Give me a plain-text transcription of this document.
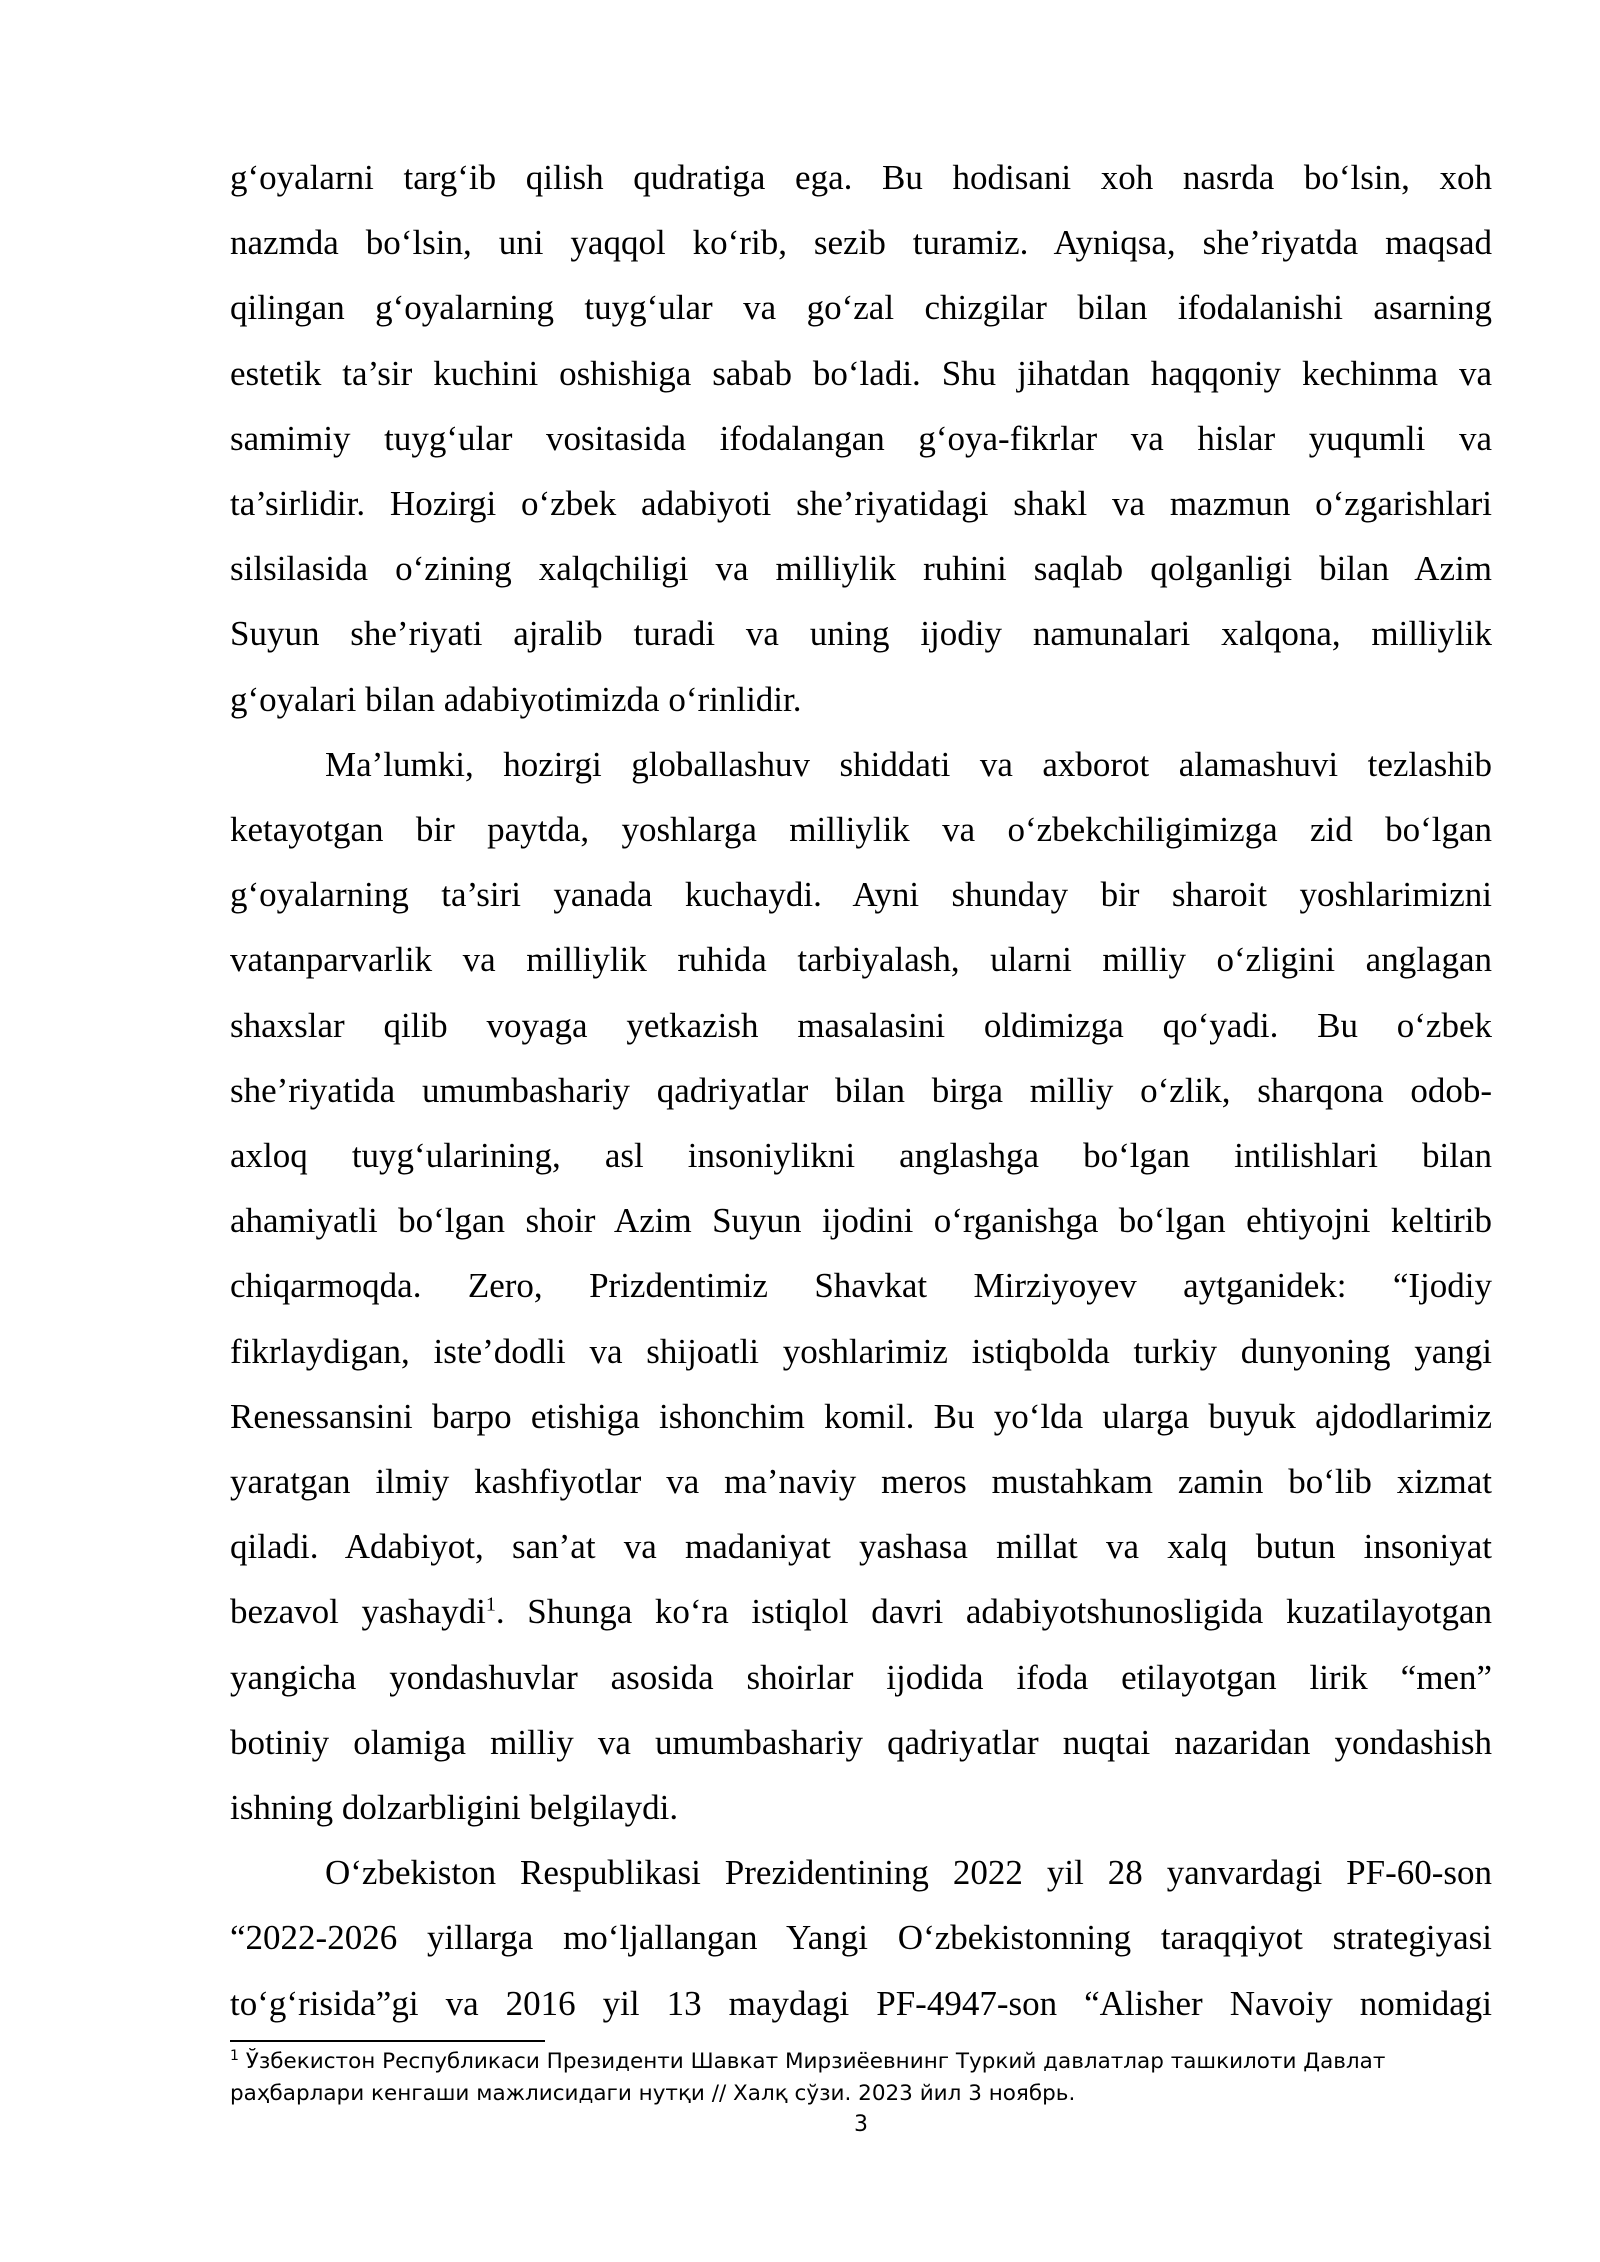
g‘oyalarni targ‘ib qilish qudratiga ega. Bu hodisani xoh nasrda bo‘lsin, xoh
nazmda bo‘lsin, uni yaqqol ko‘rib, sezib turamiz. Ayniqsa, she’riyatda maqsad
qilingan g‘oyalarning tuyg‘ular va go‘zal chizgilar bilan ifodalanishi asarning
estetik ta’sir kuchini oshishiga sabab bo‘ladi. Shu jihatdan haqqoniy kechinma va
samimiy tuyg‘ular vositasida ifodalangan g‘oya-fikrlar va hislar yuqumli va
ta’sirlidir. Hozirgi o‘zbek adabiyoti she’riyatidagi shakl va mazmun o‘zgarishlari
silsilasida o‘zining xalqchiligi va milliylik ruhini saqlab qolganligi bilan Azim
Suyun she’riyati ajralib turadi va uning ijodiy namunalari xalqona, milliylik
g‘oyalari bilan adabiyotimizda o‘rinlidir.

Ma’lumki, hozirgi globallashuv shiddati va axborot alamashuvi tezlashib
ketayotgan bir paytda, yoshlarga milliylik va o‘zbekchiligimizga zid bo‘lgan
g‘oyalarning ta’siri yanada kuchaydi. Ayni shunday bir sharoit yoshlarimizni
vatanparvarlik va milliylik ruhida tarbiyalash, ularni milliy o‘zligini anglagan
shaxslar qilib voyaga yetkazish masalasini oldimizga qo‘yadi. Bu o‘zbek
she’riyatida umumbashariy qadriyatlar bilan birga milliy o‘zlik, sharqona odob-
axloq tuyg‘ularining, asl insoniylikni anglashga bo‘lgan intilishlari bilan
ahamiyatli bo‘lgan shoir Azim Suyun ijodini o‘rganishga bo‘lgan ehtiyojni keltirib
chiqarmoqda. Zero, Prizdentimiz Shavkat Mirziyoyev aytganidek: “Ijodiy
fikrlaydigan, iste’dodli va shijoatli yoshlarimiz istiqbolda turkiy dunyoning yangi
Renessansini barpo etishiga ishonchim komil. Bu yo‘lda ularga buyuk ajdodlarimiz
yaratgan ilmiy kashfiyotlar va ma’naviy meros mustahkam zamin bo‘lib xizmat
qiladi. Adabiyot, san’at va madaniyat yashasa millat va xalq butun insoniyat
bezavol yashaydi$^1$. Shunga ko‘ra istiqlol davri adabiyotshunosligida kuzatilayotgan
yangicha yondashuvlar asosida shoirlar ijodida ifoda etilayotgan lirik “men”
botiniy olamiga milliy va umumbashariy qadriyatlar nuqtai nazaridan yondashish
ishning dolzarbligini belgilaydi.

O‘zbekiston Respublikasi Prezidentining 2022 yil 28 yanvardagi PF-60-son
“2022-2026 yillarga mo‘ljallangan Yangi O‘zbekistonning taraqqiyot strategiyasi
to‘g‘risida”gi va 2016 yil 13 maydagi PF-4947-son “Alisher Navoiy nomidagi

$^1$ Ўзбекистон Республикаси Президенти Шавкат Мирзиёевнинг Туркий давлатлар ташкилоти Давлат
раҳбарлари кенгаши мажлисидаги нутқи // Халқ сўзи. 2023 йил 3 ноябрь.
3
